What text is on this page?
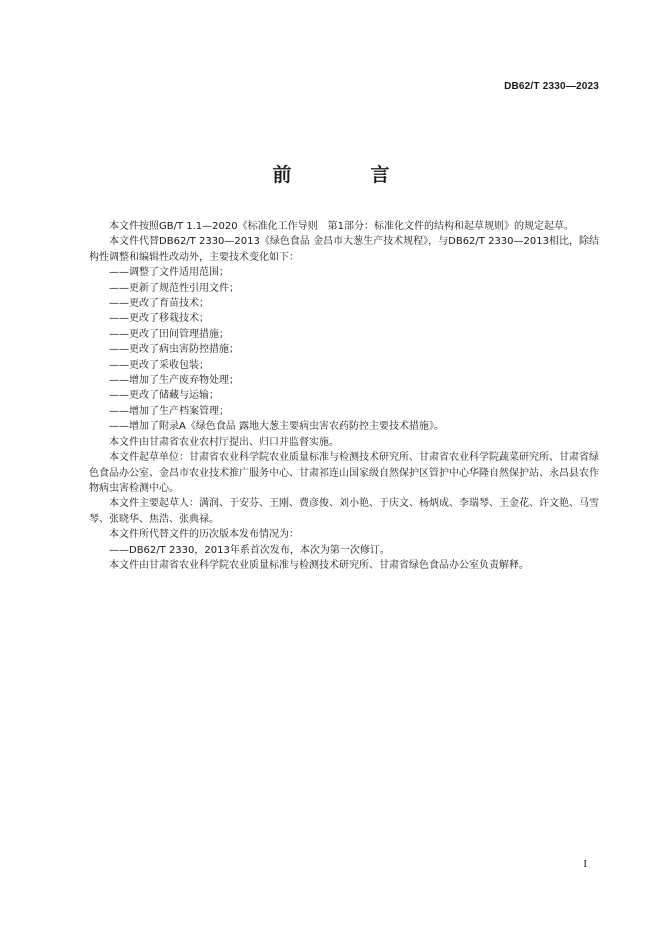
DB62/T 2330—2023
前　言

本文件按照GB/T 1.1—2020《标准化工作导则　第1部分：标准化文件的结构和起草规则》的规定起草。

本文件代替DB62/T 2330—2013《绿色食品 金昌市大葱生产技术规程》，与DB62/T 2330—2013相比，除结构性调整和编辑性改动外，主要技术变化如下：

——调整了文件适用范围；

——更新了规范性引用文件；

——更改了育苗技术；

——更改了移栽技术；

——更改了田间管理措施；

——更改了病虫害防控措施；

——更改了采收包装；

——增加了生产废弃物处理；

——更改了储藏与运输；

——增加了生产档案管理；

——增加了附录A《绿色食品 露地大葱主要病虫害农药防控主要技术措施》。

本文件由甘肃省农业农村厅提出、归口并监督实施。

本文件起草单位：甘肃省农业科学院农业质量标准与检测技术研究所、甘肃省农业科学院蔬菜研究所、甘肃省绿色食品办公室、金昌市农业技术推广服务中心、甘肃祁连山国家级自然保护区管护中心华隆自然保护站、永昌县农作物病虫害检测中心。

本文件主要起草人：满润、于安芬、王刚、费彦俊、刘小艳、于庆文、杨炳成、李瑞琴、王金花、许文艳、马雪琴、张晓华、焦浩、张典禄。

本文件所代替文件的历次版本发布情况为：

——DB62/T 2330，2013年系首次发布，本次为第一次修订。

本文件由甘肃省农业科学院农业质量标准与检测技术研究所、甘肃省绿色食品办公室负责解释。

I
